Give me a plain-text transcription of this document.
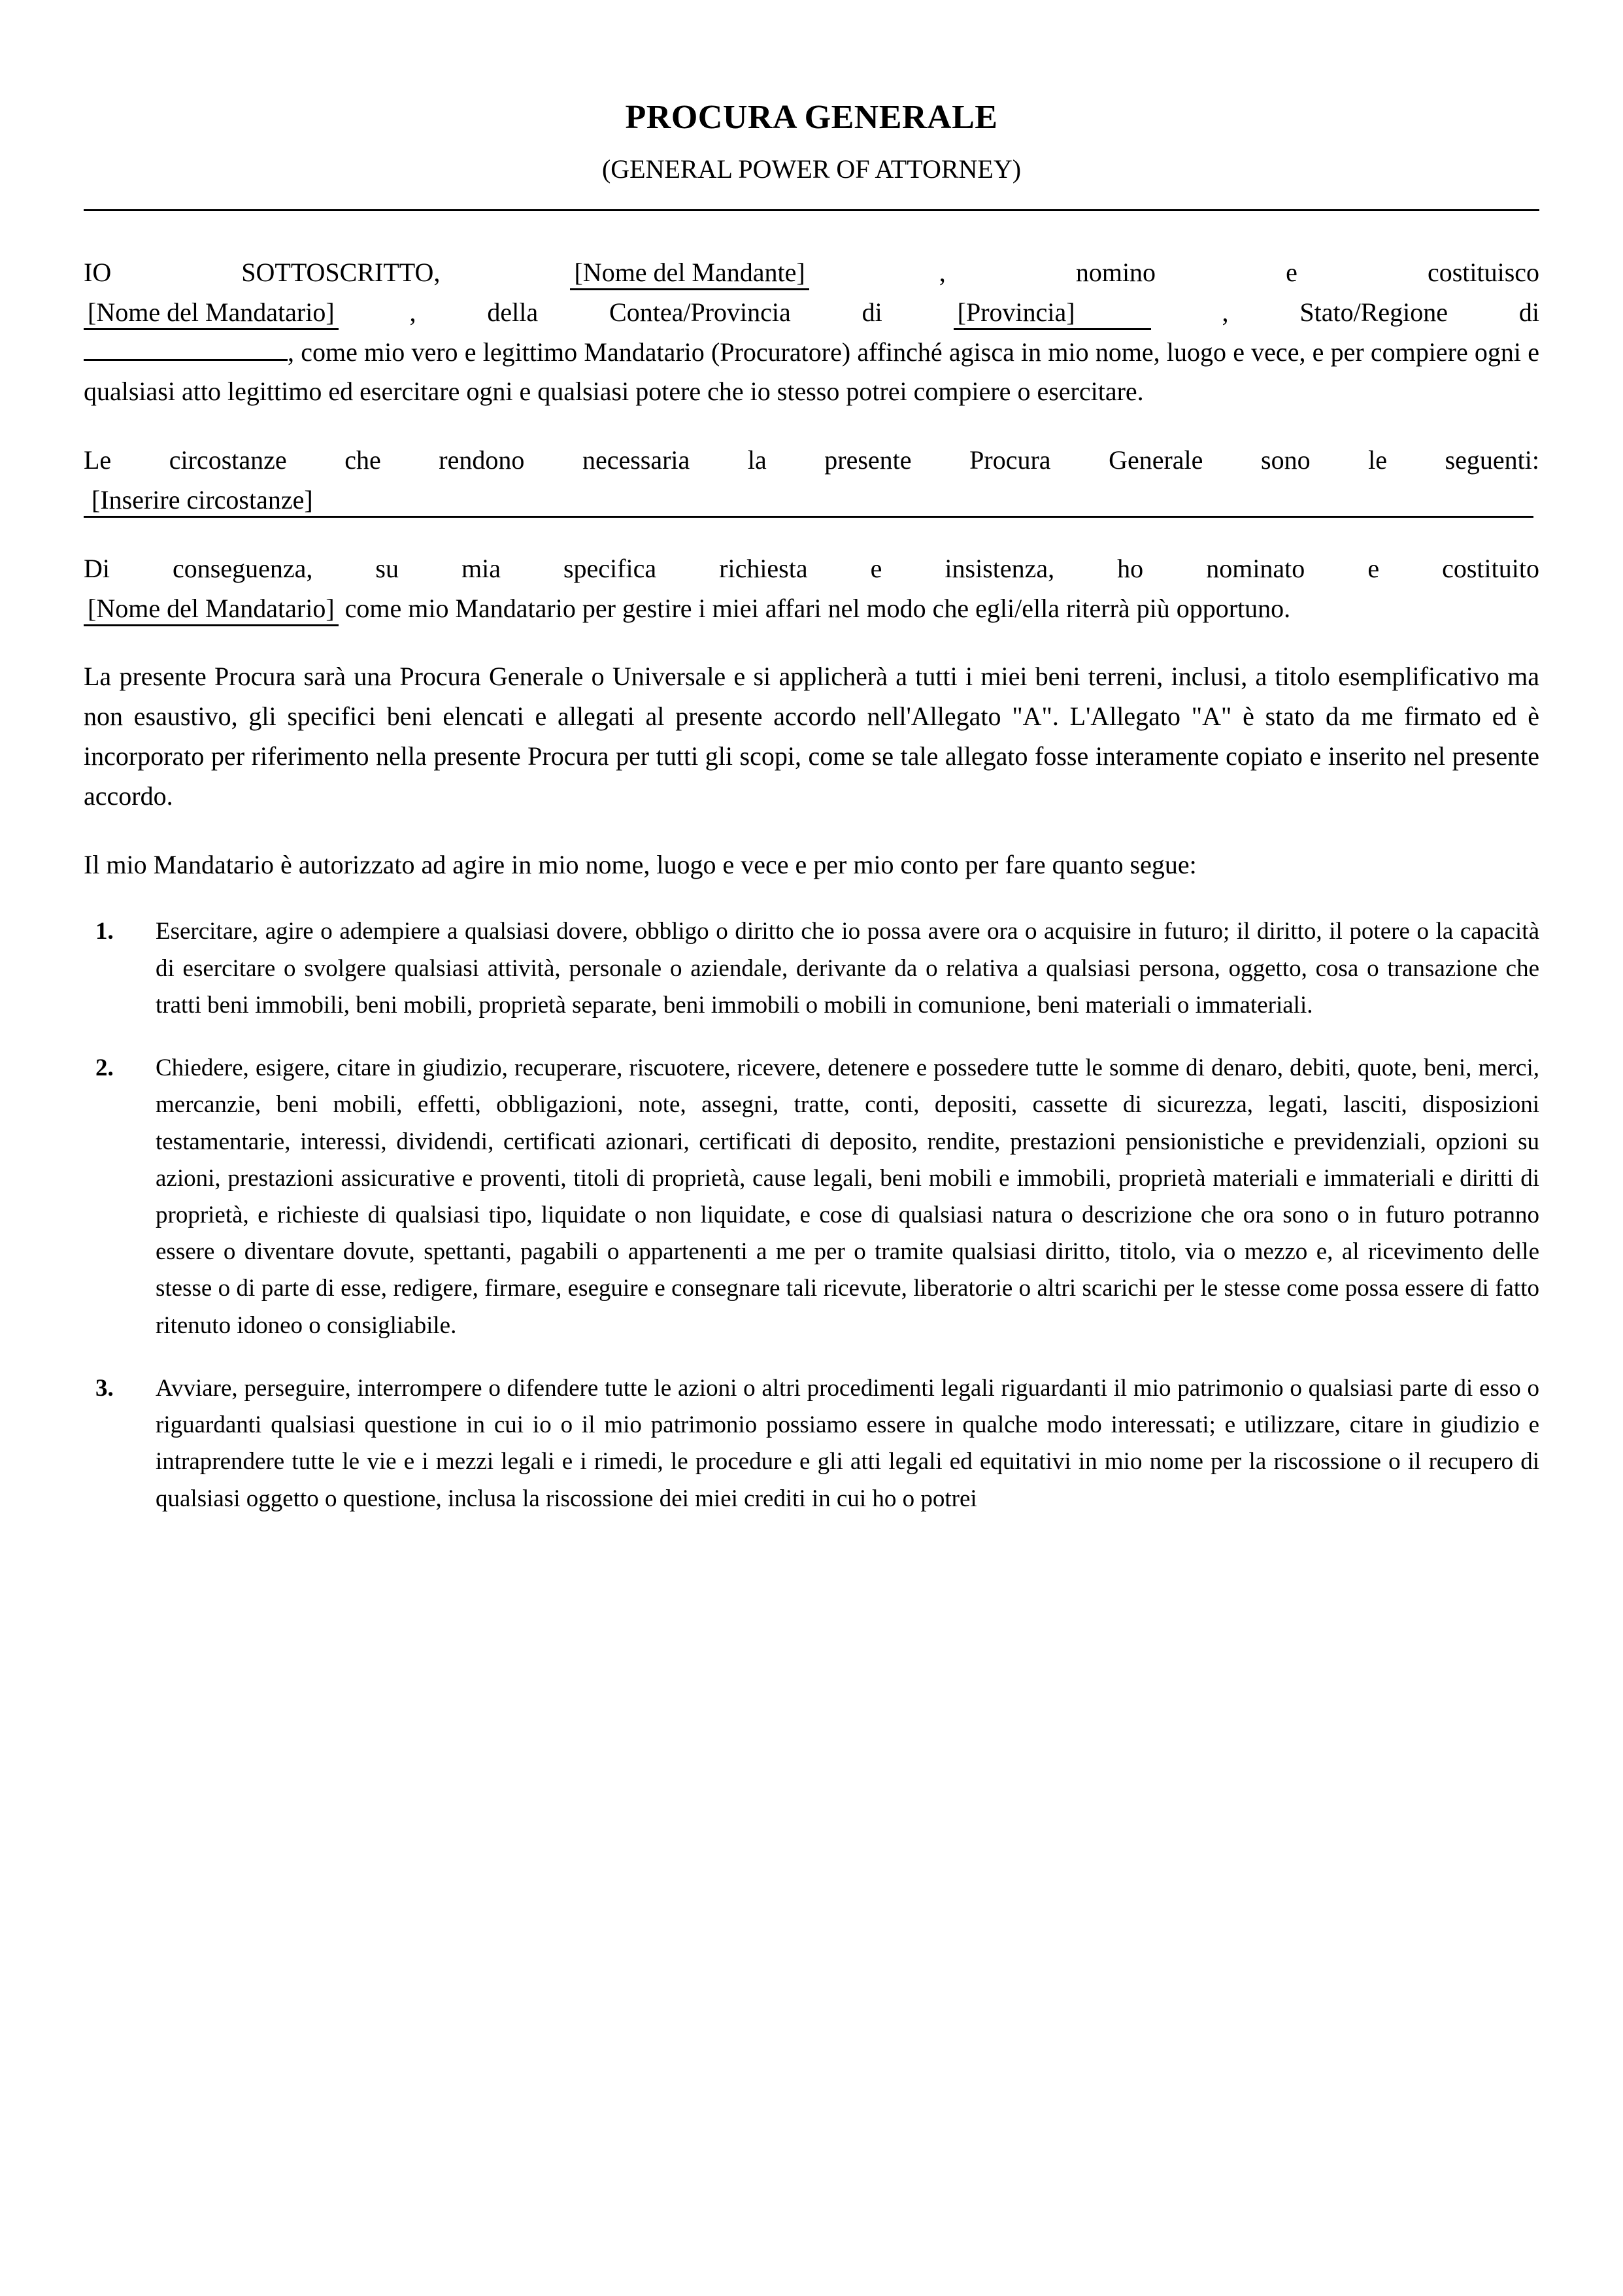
PROCURA GENERALE
(GENERAL POWER OF ATTORNEY)

IO SOTTOSCRITTO,	[Nome del Mandante]	, nomino e costituisco
[Nome del Mandatario]	, della Contea/Provincia di	[Provincia]	, Stato/Regione di
, come mio vero e legittimo Mandatario (Procuratore) affinché agisca in mio nome, luogo e vece, e per compiere ogni e qualsiasi atto legittimo ed esercitare ogni e qualsiasi potere che io stesso potrei compiere o esercitare.

Le circostanze che rendono necessaria la presente Procura Generale sono le seguenti:
[Inserire circostanze]

Di conseguenza, su mia specifica richiesta e insistenza, ho nominato e costituito
[Nome del Mandatario] come mio Mandatario per gestire i miei affari nel modo che egli/ella riterrà più opportuno.

La presente Procura sarà una Procura Generale o Universale e si applicherà a tutti i miei beni terreni, inclusi, a titolo esemplificativo ma non esaustivo, gli specifici beni elencati e allegati al presente accordo nell'Allegato "A". L'Allegato "A" è stato da me firmato ed è incorporato per riferimento nella presente Procura per tutti gli scopi, come se tale allegato fosse interamente copiato e inserito nel presente accordo.

Il mio Mandatario è autorizzato ad agire in mio nome, luogo e vece e per mio conto per fare quanto segue:

Esercitare, agire o adempiere a qualsiasi dovere, obbligo o diritto che io possa avere ora o acquisire in futuro; il diritto, il potere o la capacità di esercitare o svolgere qualsiasi attività, personale o aziendale, derivante da o relativa a qualsiasi persona, oggetto, cosa o transazione che tratti beni immobili, beni mobili, proprietà separate, beni immobili o mobili in comunione, beni materiali o immateriali.
Chiedere, esigere, citare in giudizio, recuperare, riscuotere, ricevere, detenere e possedere tutte le somme di denaro, debiti, quote, beni, merci, mercanzie, beni mobili, effetti, obbligazioni, note, assegni, tratte, conti, depositi, cassette di sicurezza, legati, lasciti, disposizioni testamentarie, interessi, dividendi, certificati azionari, certificati di deposito, rendite, prestazioni pensionistiche e previdenziali, opzioni su azioni, prestazioni assicurative e proventi, titoli di proprietà, cause legali, beni mobili e immobili, proprietà materiali e immateriali e diritti di proprietà, e richieste di qualsiasi tipo, liquidate o non liquidate, e cose di qualsiasi natura o descrizione che ora sono o in futuro potranno essere o diventare dovute, spettanti, pagabili o appartenenti a me per o tramite qualsiasi diritto, titolo, via o mezzo e, al ricevimento delle stesse o di parte di esse, redigere, firmare, eseguire e consegnare tali ricevute, liberatorie o altri scarichi per le stesse come possa essere di fatto ritenuto idoneo o consigliabile.
Avviare, perseguire, interrompere o difendere tutte le azioni o altri procedimenti legali riguardanti il mio patrimonio o qualsiasi parte di esso o riguardanti qualsiasi questione in cui io o il mio patrimonio possiamo essere in qualche modo interessati; e utilizzare, citare in giudizio e intraprendere tutte le vie e i mezzi legali e i rimedi, le procedure e gli atti legali ed equitativi in mio nome per la riscossione o il recupero di qualsiasi oggetto o questione, inclusa la riscossione dei miei crediti in cui ho o potrei
